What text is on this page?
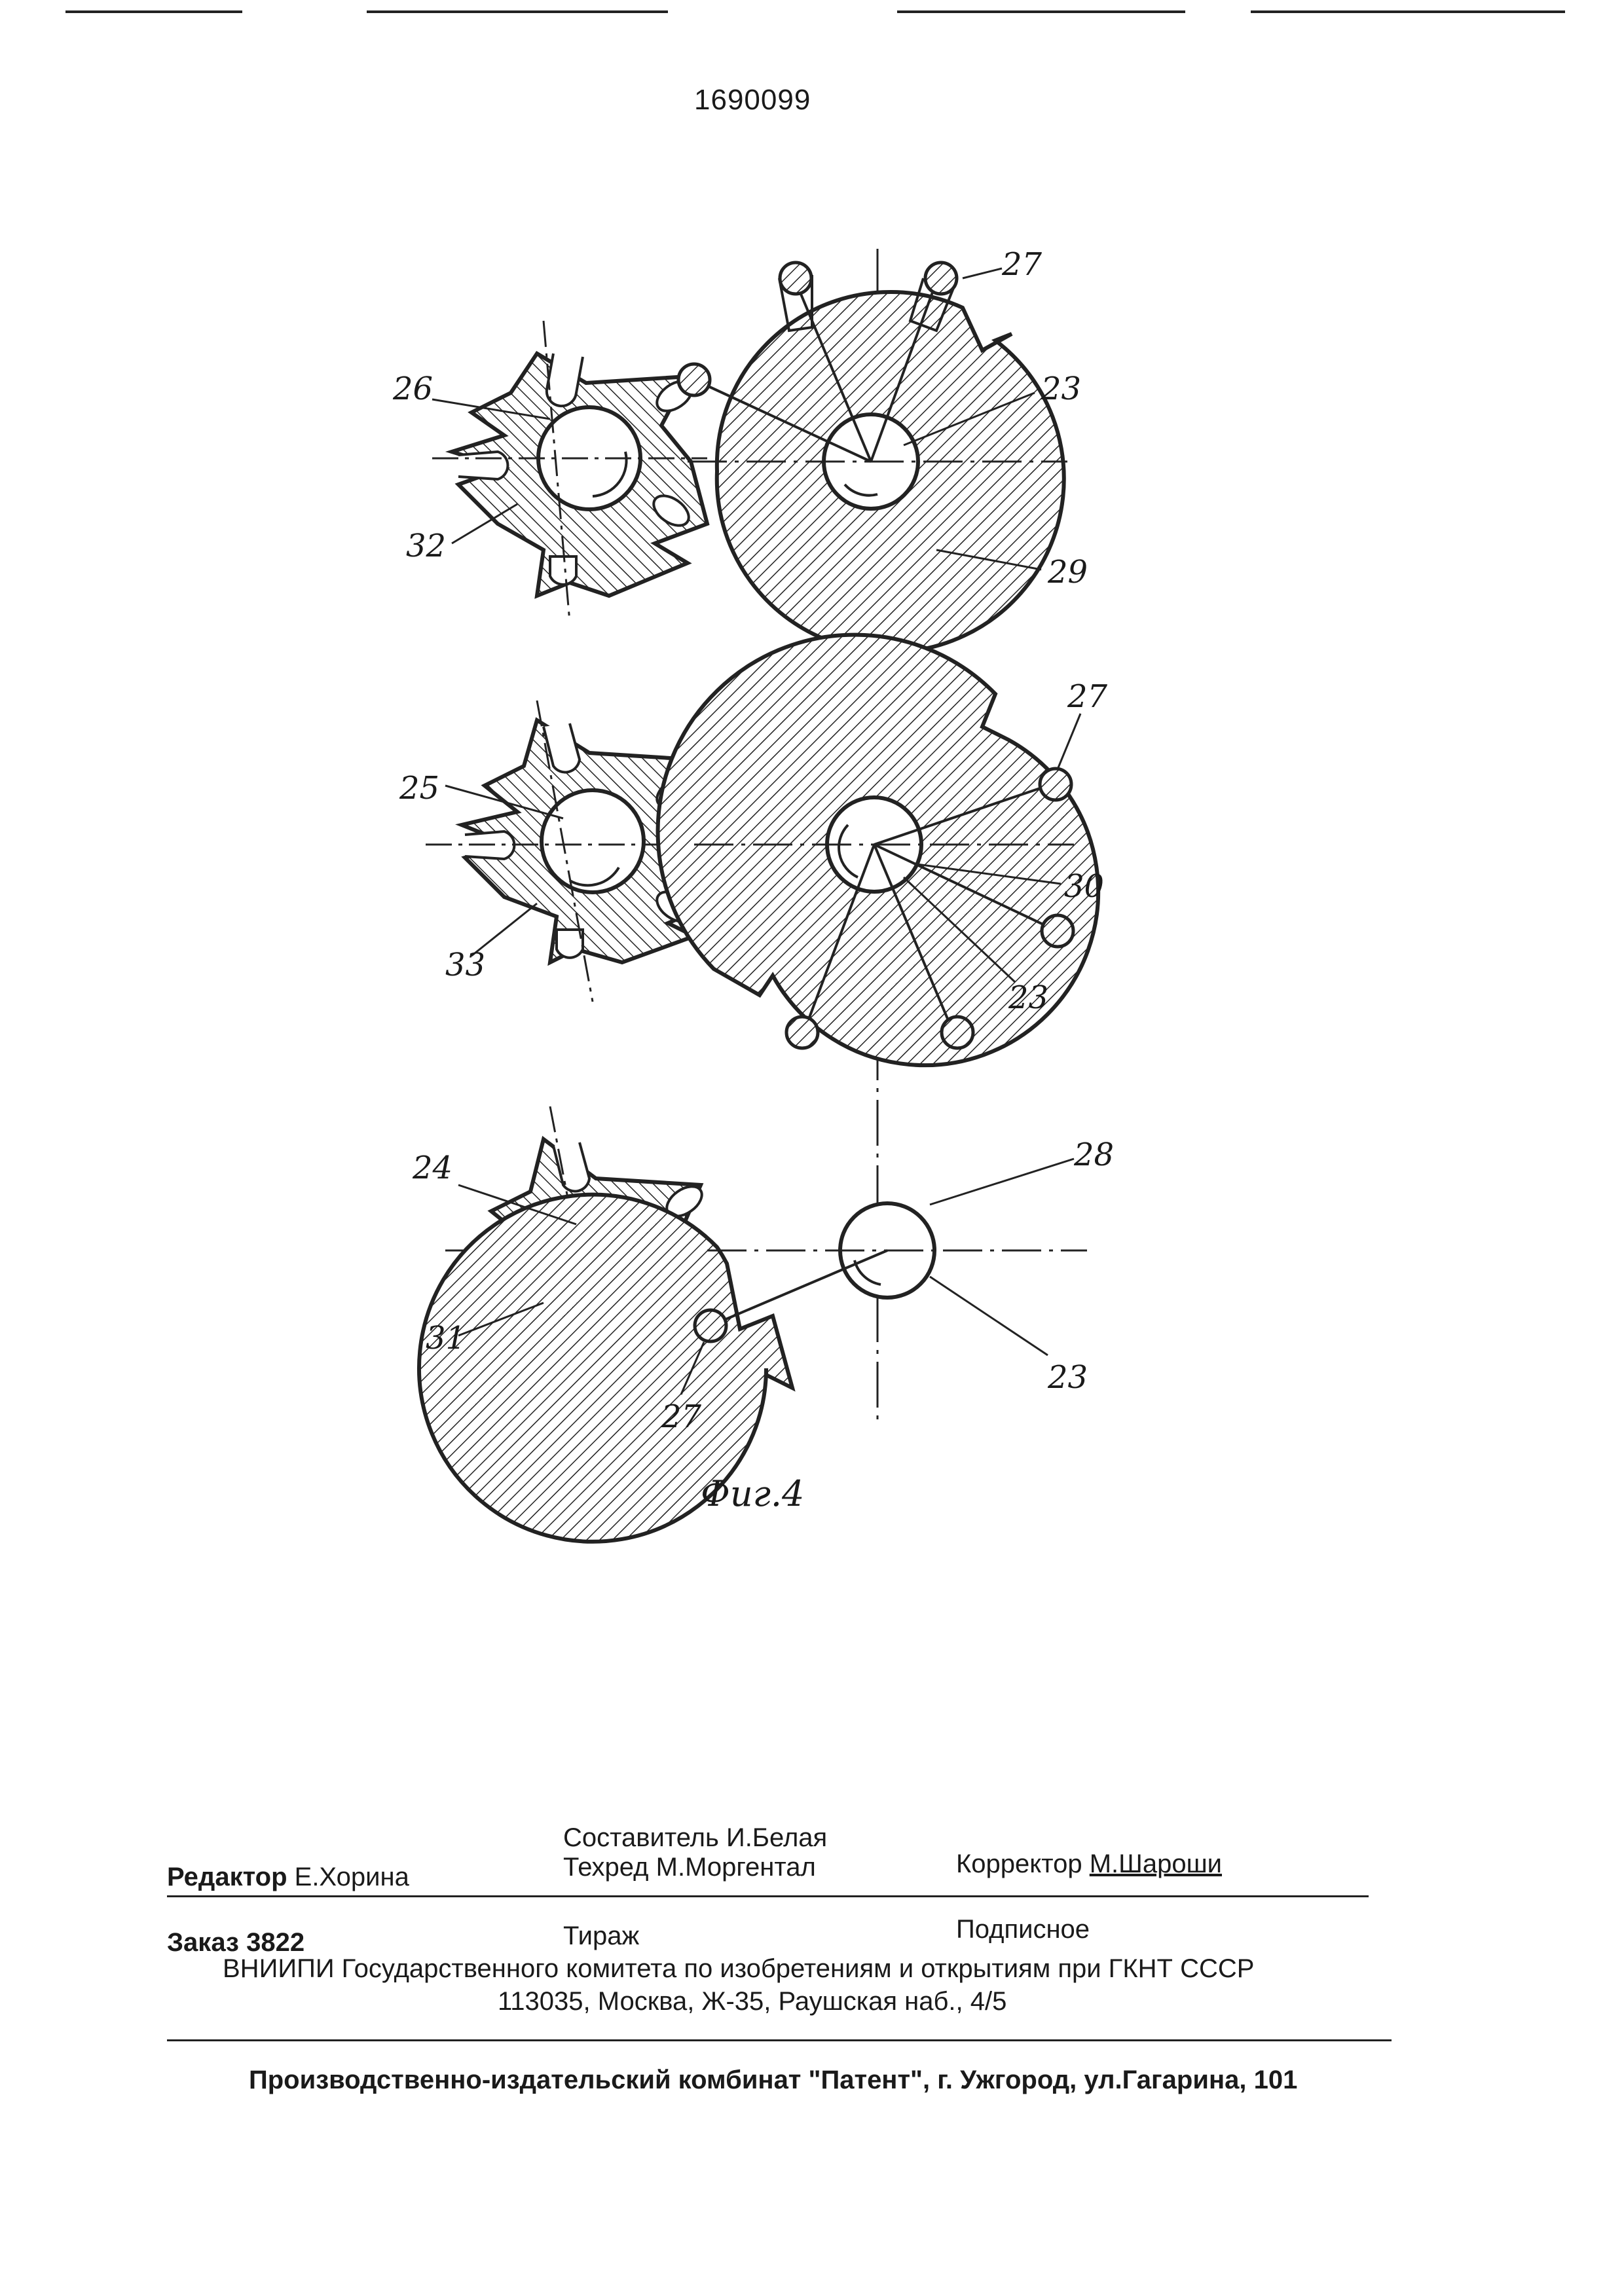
1690099
26
32
27
23
29
25
33
27
30
23
24
31
27
28
23
Фиг.4
Составитель И.Белая
Редактор Е.Хорина	Техред М.Моргентал	Корректор М.Шароши
Заказ 3822	Тираж	Подписное
ВНИИПИ Государственного комитета по изобретениям и открытиям при ГКНТ СССР
113035, Москва, Ж-35, Раушская наб., 4/5
Производственно-издательский комбинат "Патент", г. Ужгород, ул.Гагарина, 101
